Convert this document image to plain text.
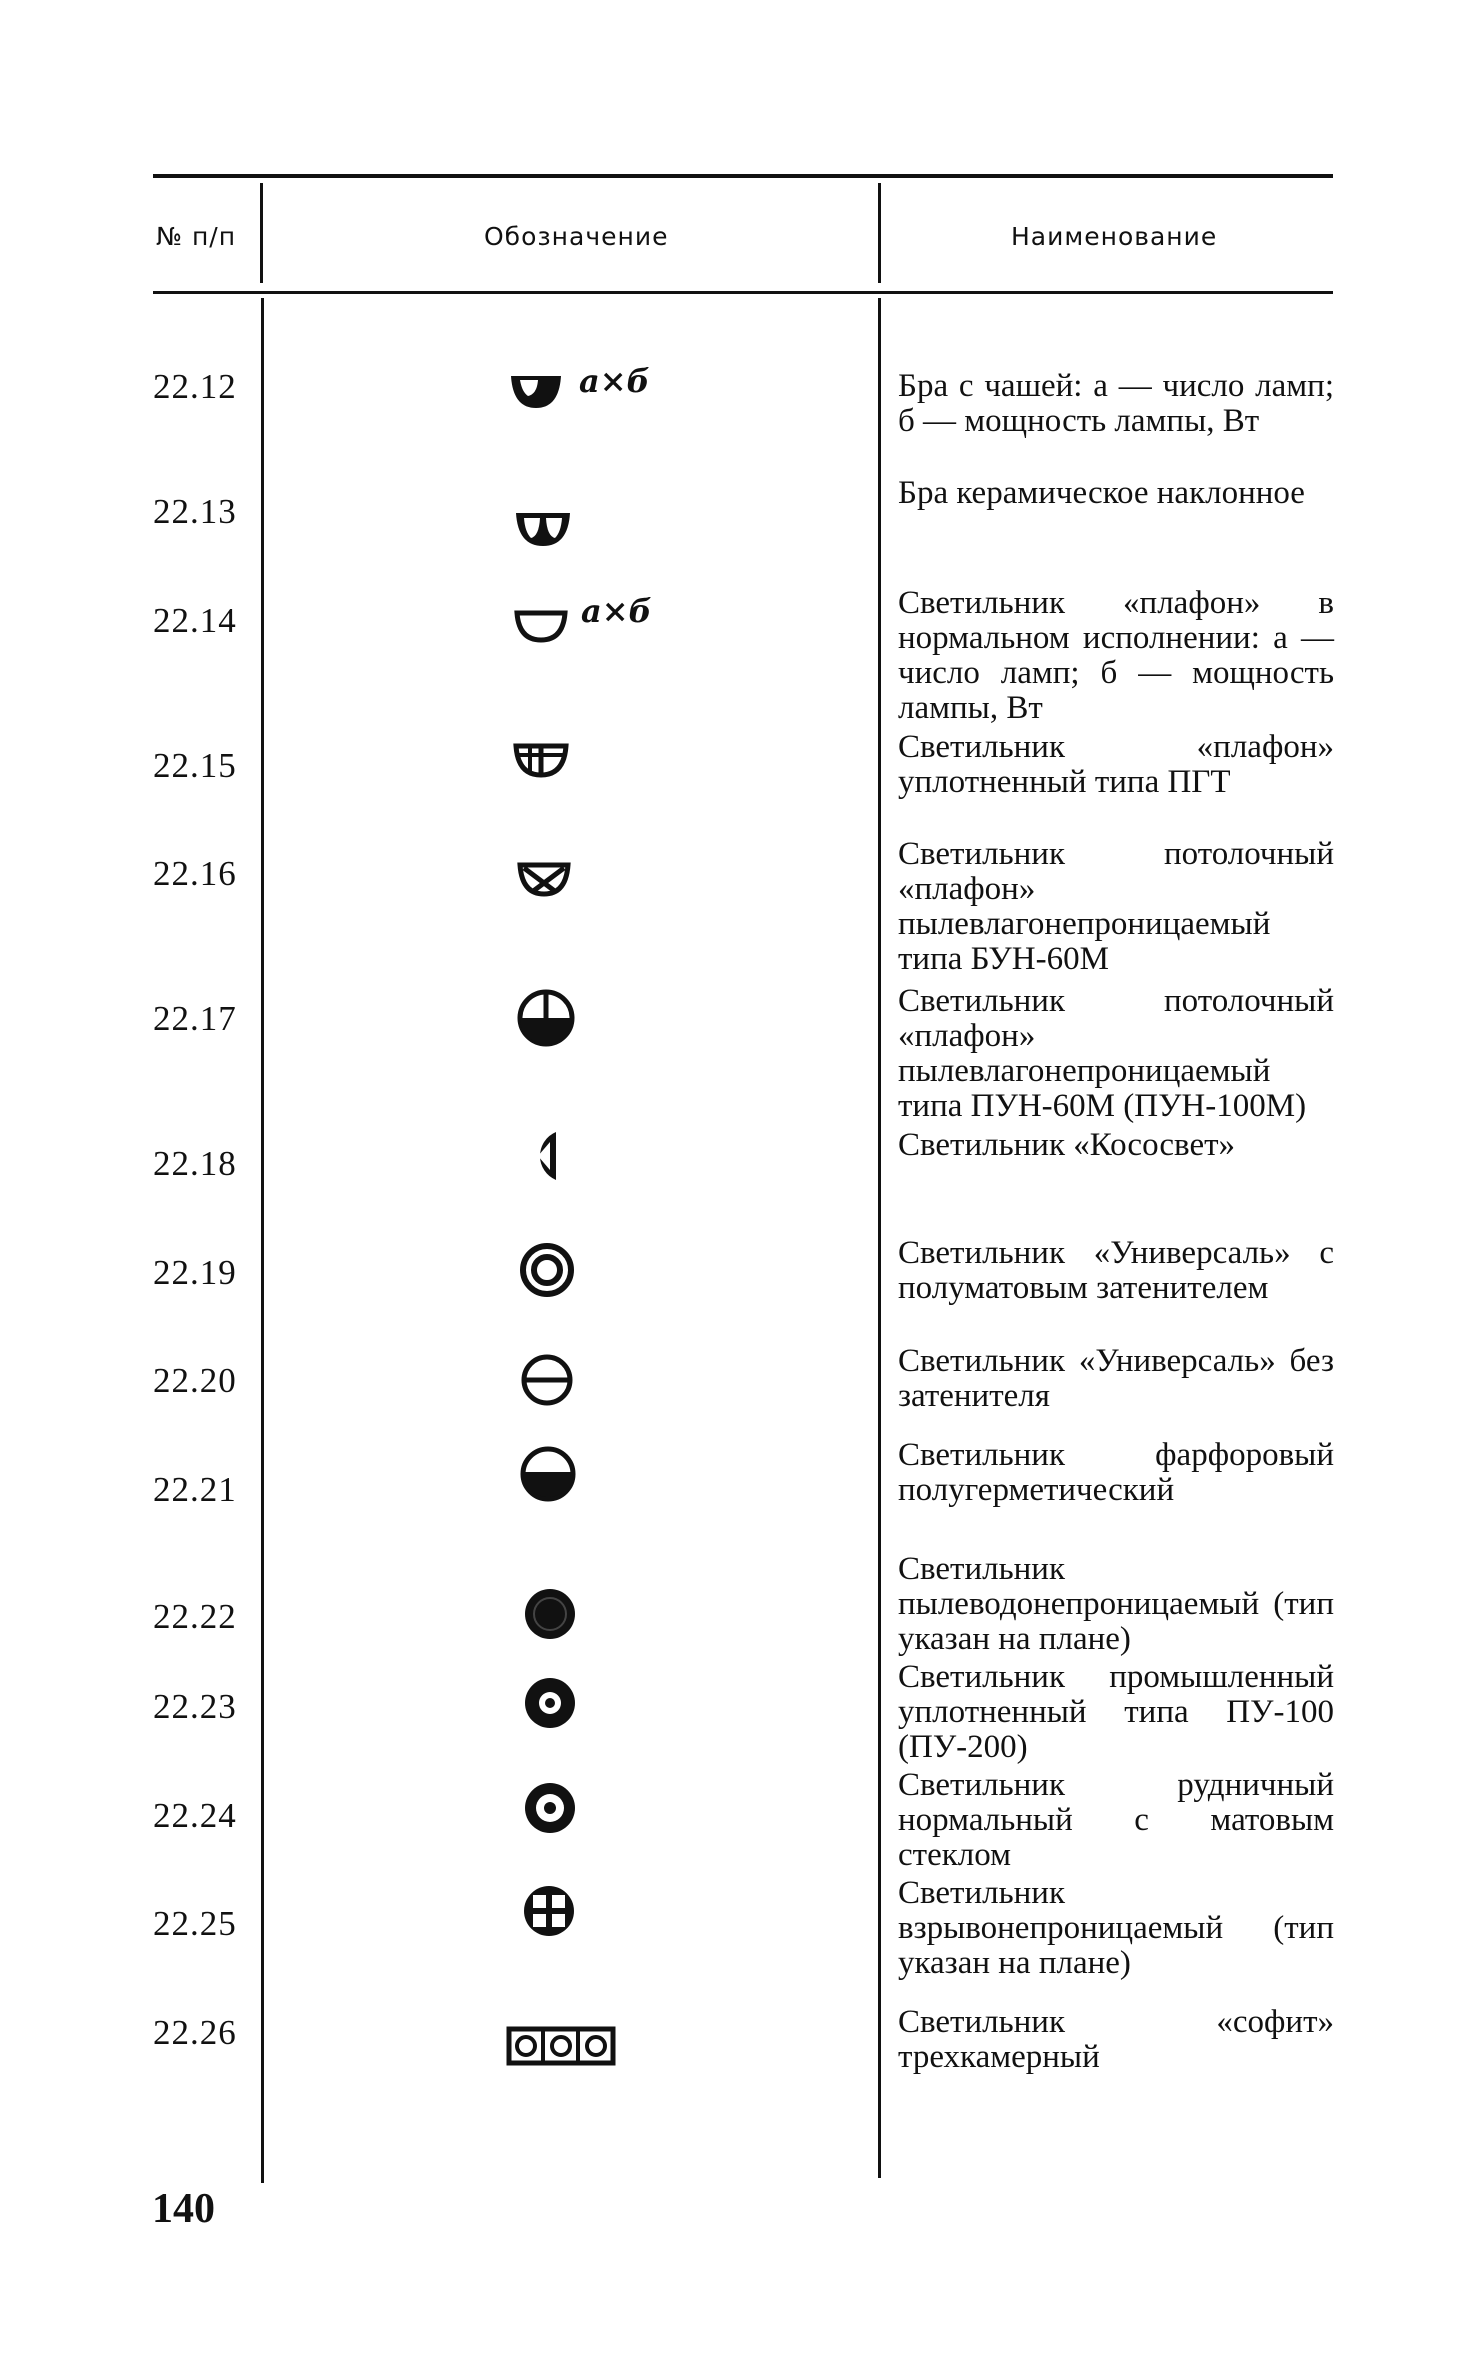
№ п/п	Обозначение	Наименование
22.12
22.13
22.14
22.15
22.16
22.17
22.18
22.19
22.20
22.21
22.22
22.23
22.24
22.25
22.26
a×б
a×б
Бра с чашей: a — число ламп; б — мощность лампы, Вт
Бра керамическое наклонное
Светильник «плафон» в нормальном исполнении: a — число ламп; б — мощность лампы, Вт
Светильник «плафон» уплотненный типа ПГТ
Светильник потолочный «плафон» пылевлагонепроницаемый типа БУН-60М
Светильник потолочный «плафон» пылевлагонепроницаемый типа ПУН-60М (ПУН-100М)
Светильник «Кососвет»
Светильник «Универсаль» с полуматовым затенителем
Светильник «Универсаль» без затенителя
Светильник фарфоровый полугерметический
Светильник пылеводонепроницаемый (тип указан на плане)
Светильник промышленный уплотненный типа ПУ-100 (ПУ-200)
Светильник рудничный нормальный с матовым стеклом
Светильник взрывонепроницаемый (тип указан на плане)
Светильник «софит» трехкамерный
140
